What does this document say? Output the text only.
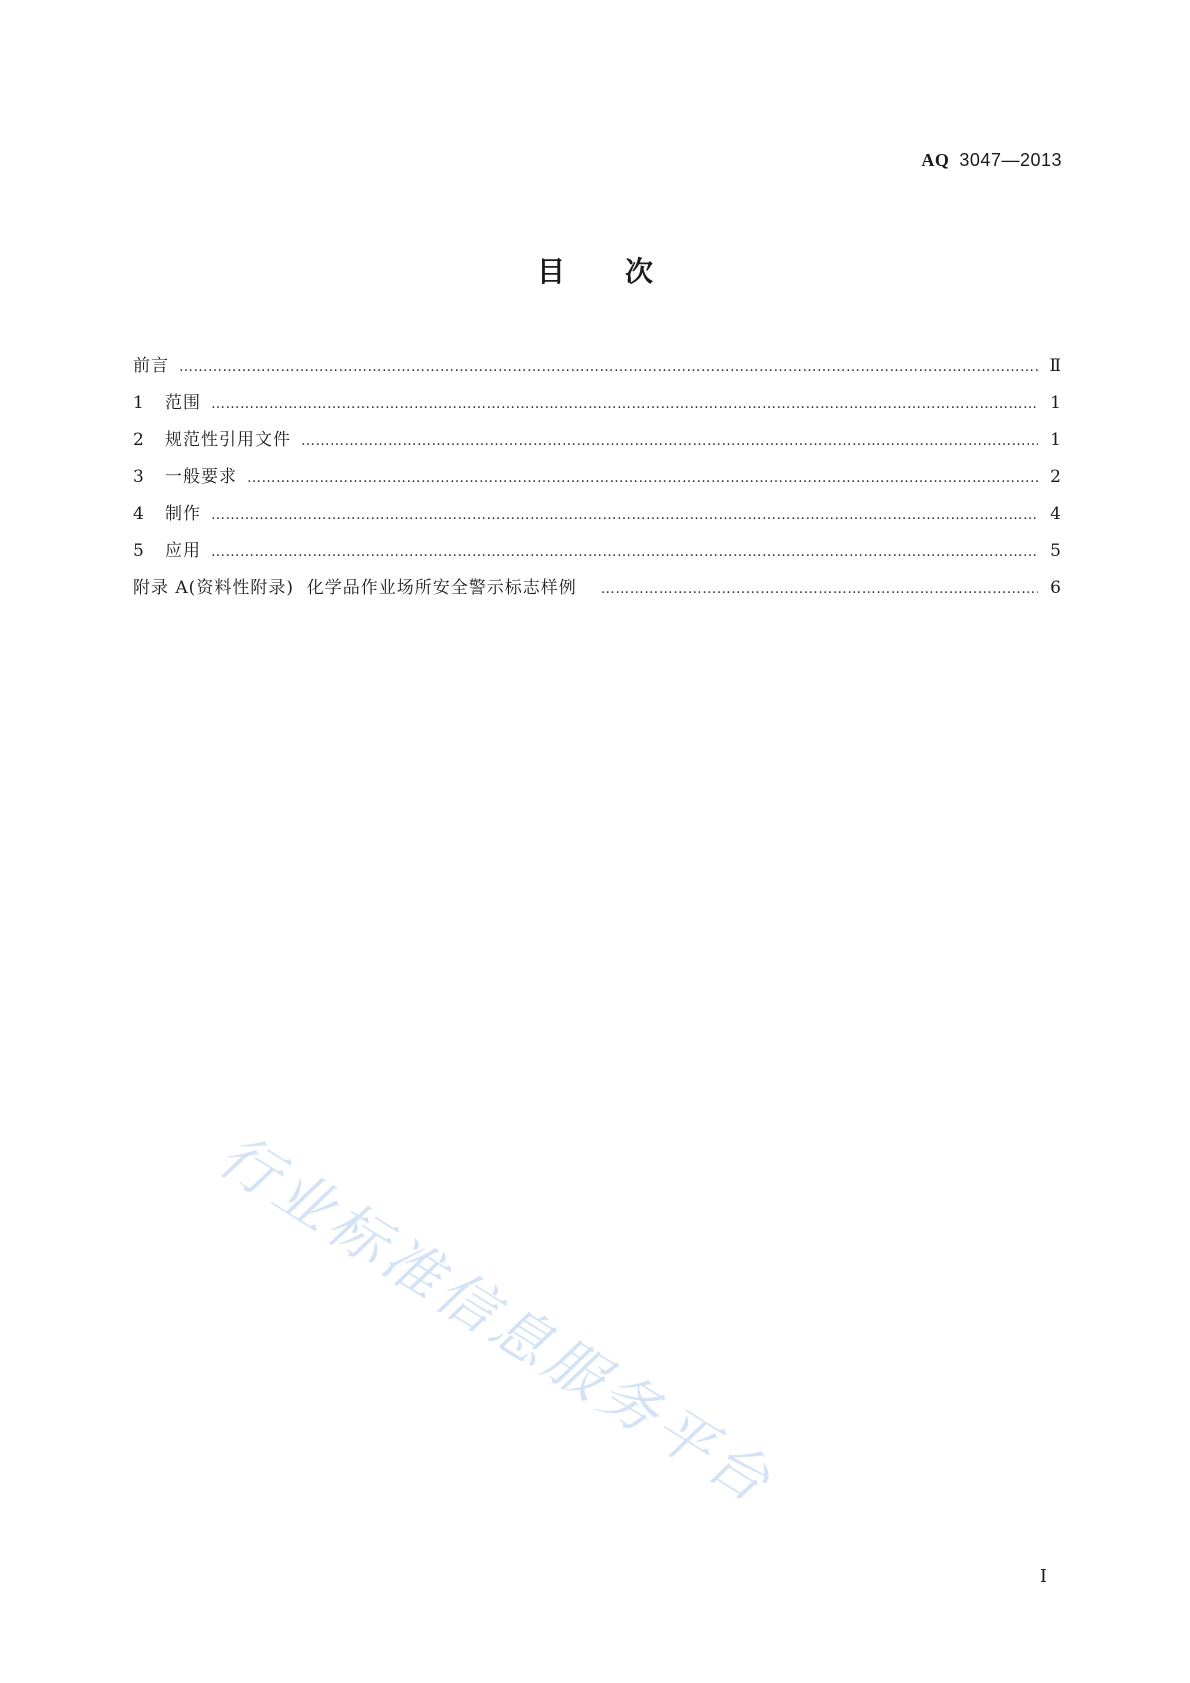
AQ 3047—2013
目次
前言 …………………………………………………………………………………………………………………………………………………………………………………………………	Ⅱ
1	范围 …………………………………………………………………………………………………………………………………………………………………………………………………	1
2	规范性引用文件 …………………………………………………………………………………………………………………………………………………………………………………………………	1
3	一般要求 …………………………………………………………………………………………………………………………………………………………………………………………………	2
4	制作 …………………………………………………………………………………………………………………………………………………………………………………………………	4
5	应用 …………………………………………………………………………………………………………………………………………………………………………………………………	5
附录 A(资料性附录)  化学品作业场所安全警示标志样例 …………………………………………………………………………………………………………………………………………………………………………………………………	6
行业标准信息服务平台
Ⅰ
